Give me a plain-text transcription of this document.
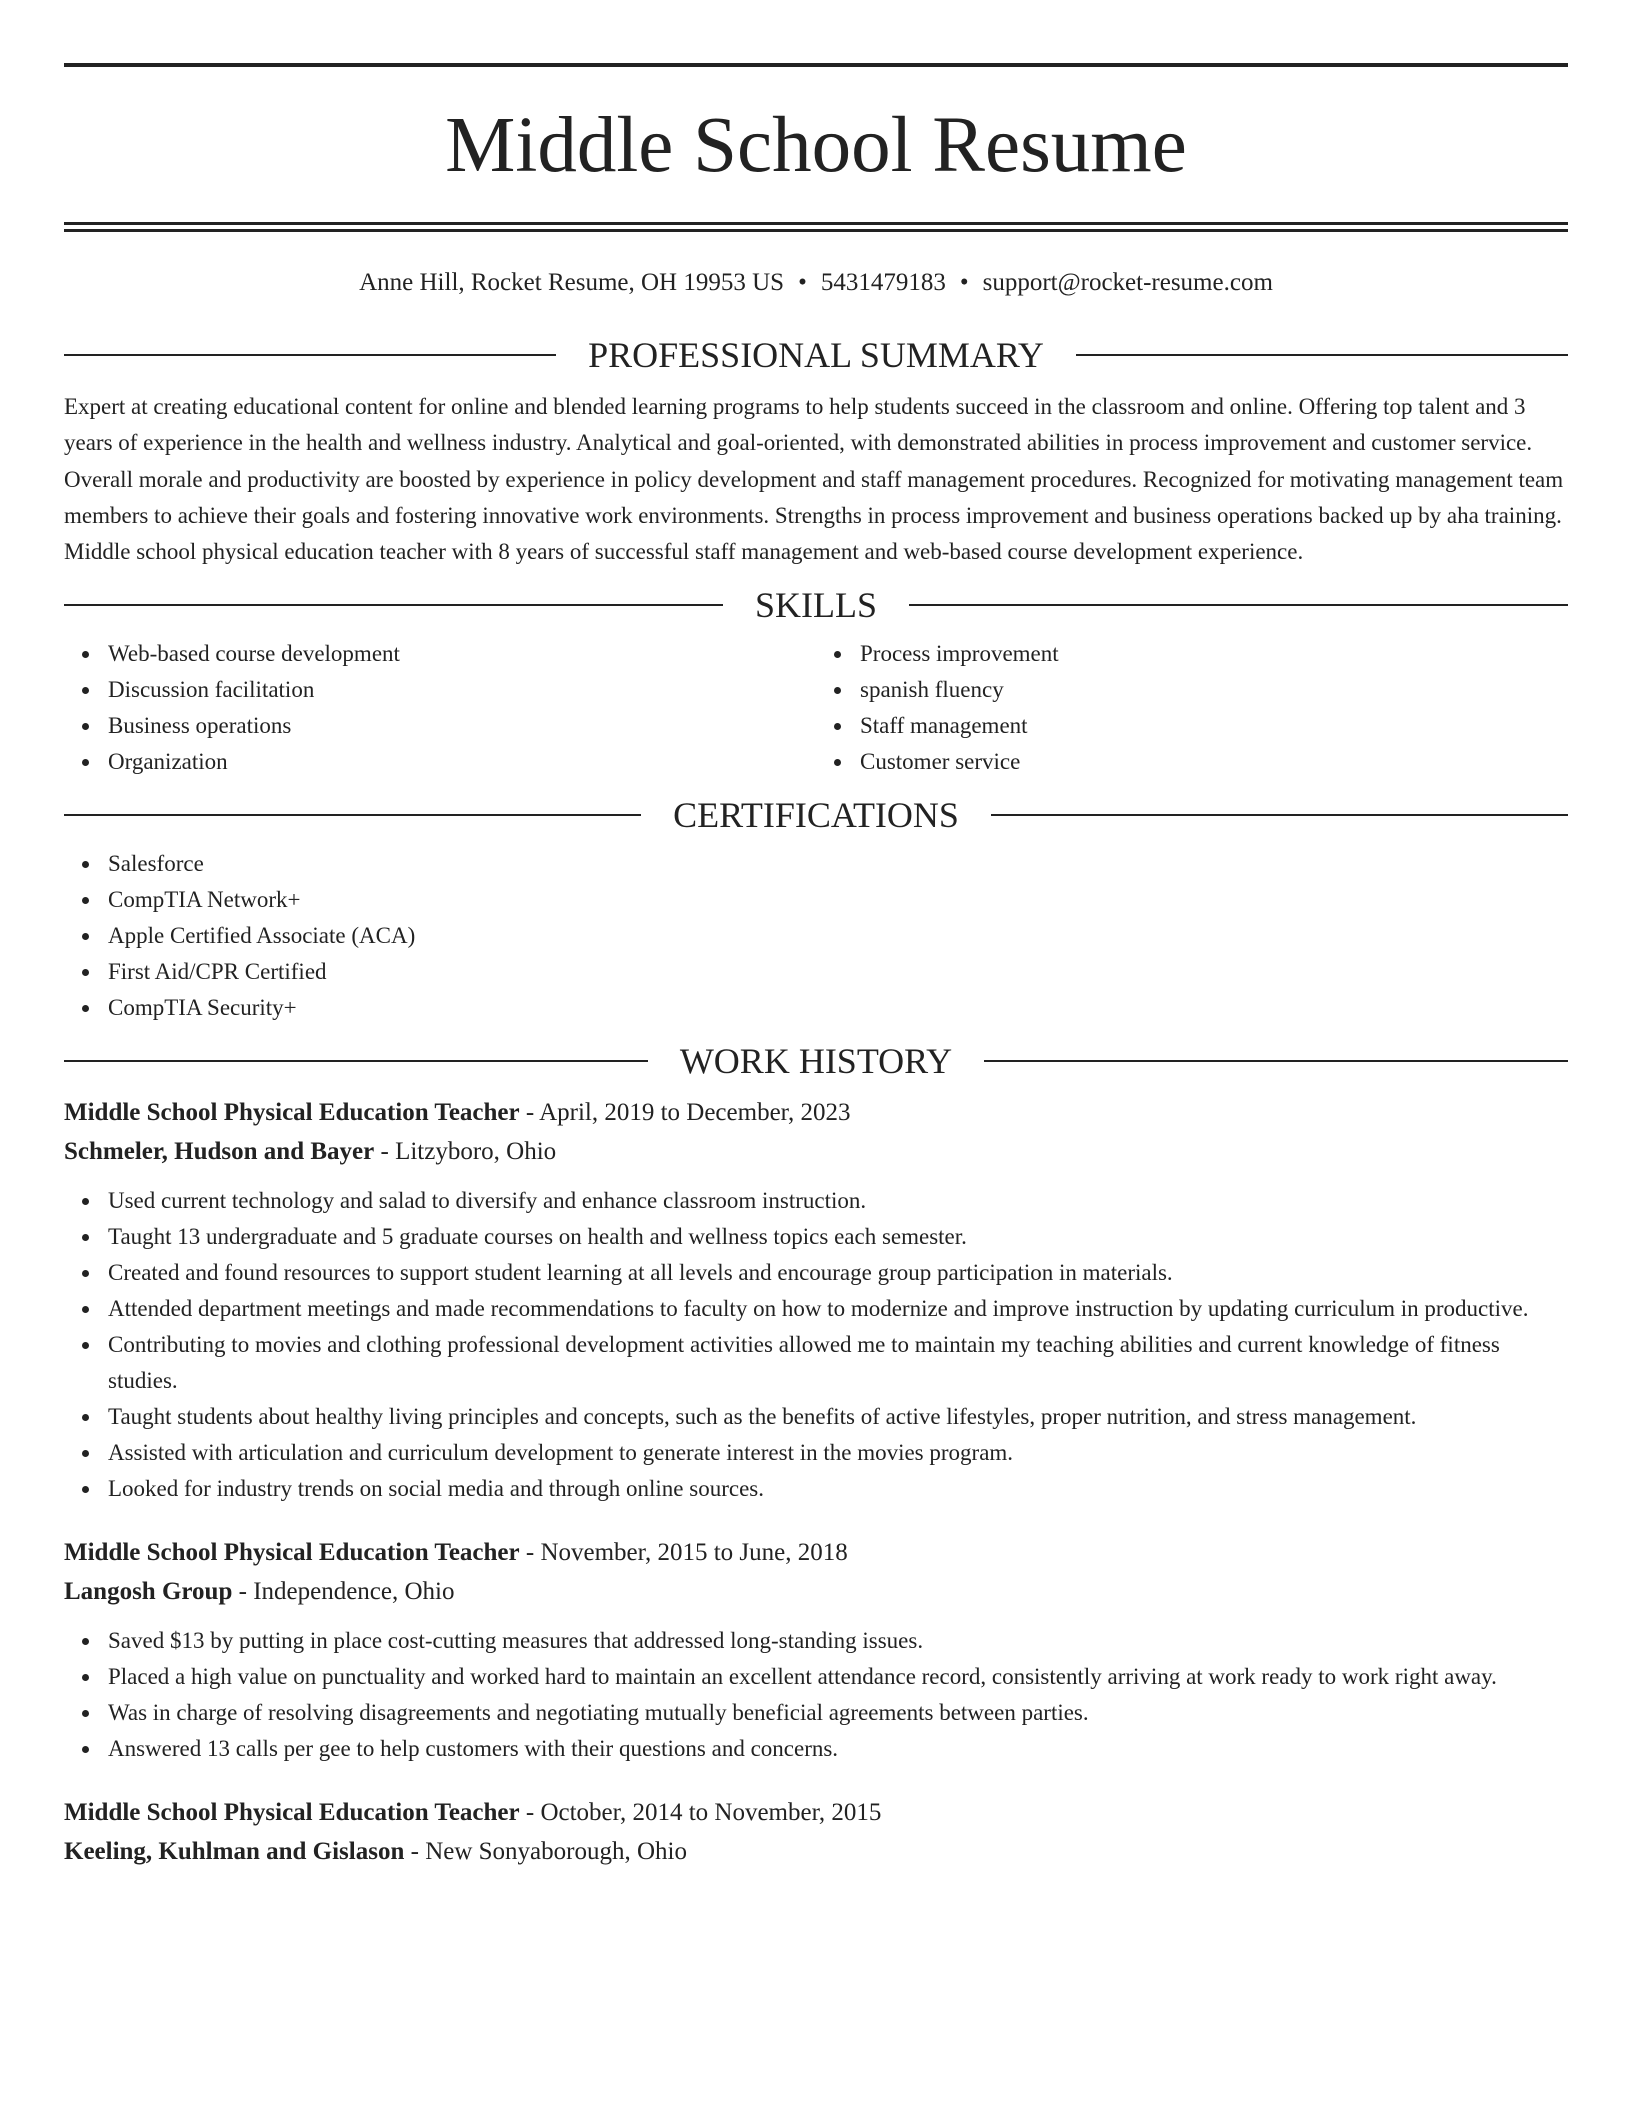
Middle School Resume
Anne Hill, Rocket Resume, OH 19953 US • 5431479183 • support@rocket-resume.com
PROFESSIONAL SUMMARY

Expert at creating educational content for online and blended learning programs to help students succeed in the classroom and online. Offering top talent and 3 years of experience in the health and wellness industry. Analytical and goal-oriented, with demonstrated abilities in process improvement and customer service. Overall morale and productivity are boosted by experience in policy development and staff management procedures. Recognized for motivating management team members to achieve their goals and fostering innovative work environments. Strengths in process improvement and business operations backed up by aha training. Middle school physical education teacher with 8 years of successful staff management and web-based course development experience.

SKILLS
Web-based course development
Discussion facilitation
Business operations
Organization
Process improvement
spanish fluency
Staff management
Customer service
CERTIFICATIONS
Salesforce
CompTIA Network+
Apple Certified Associate (ACA)
First Aid/CPR Certified
CompTIA Security+
WORK HISTORY
Middle School Physical Education Teacher - April, 2019 to December, 2023
Schmeler, Hudson and Bayer - Litzyboro, Ohio
Used current technology and salad to diversify and enhance classroom instruction.
Taught 13 undergraduate and 5 graduate courses on health and wellness topics each semester.
Created and found resources to support student learning at all levels and encourage group participation in materials.
Attended department meetings and made recommendations to faculty on how to modernize and improve instruction by updating curriculum in productive.
Contributing to movies and clothing professional development activities allowed me to maintain my teaching abilities and current knowledge of fitness studies.
Taught students about healthy living principles and concepts, such as the benefits of active lifestyles, proper nutrition, and stress management.
Assisted with articulation and curriculum development to generate interest in the movies program.
Looked for industry trends on social media and through online sources.
Middle School Physical Education Teacher - November, 2015 to June, 2018
Langosh Group - Independence, Ohio
Saved $13 by putting in place cost-cutting measures that addressed long-standing issues.
Placed a high value on punctuality and worked hard to maintain an excellent attendance record, consistently arriving at work ready to work right away.
Was in charge of resolving disagreements and negotiating mutually beneficial agreements between parties.
Answered 13 calls per gee to help customers with their questions and concerns.
Middle School Physical Education Teacher - October, 2014 to November, 2015
Keeling, Kuhlman and Gislason - New Sonyaborough, Ohio
